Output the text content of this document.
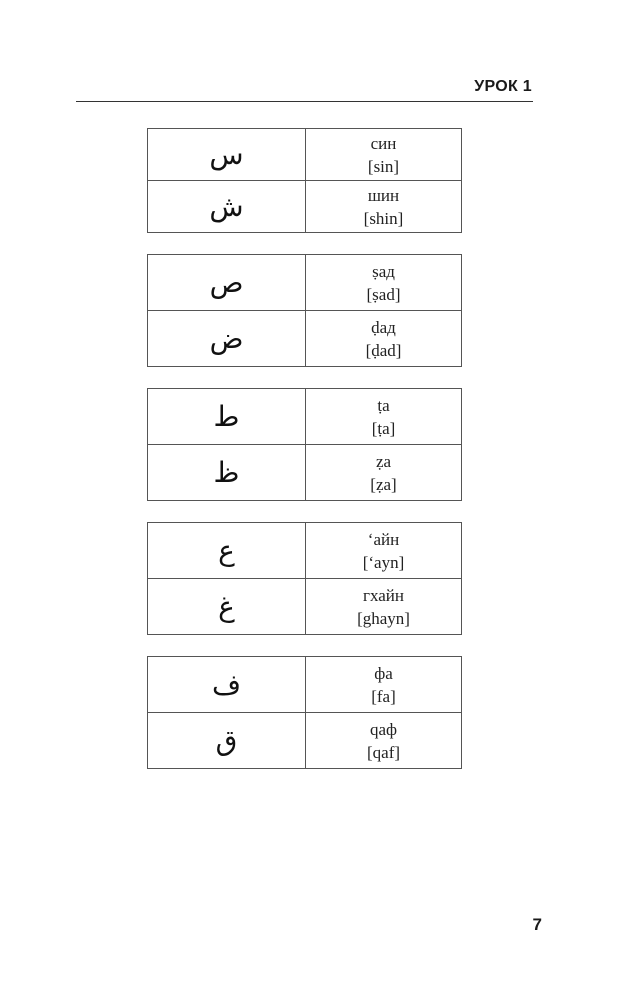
УРОК 1
س	син
[sin]

ش	шин
[shin]
ص	ṣад
[ṣad]

ض	ḍад
[ḍad]
ط	ṭa
[ṭa]

ظ	ẓa
[ẓa]
ع	‘айн
[‘ayn]

غ	гхайн
[ghayn]
ف	фа
[fa]

ق	qаф
[qaf]
7
